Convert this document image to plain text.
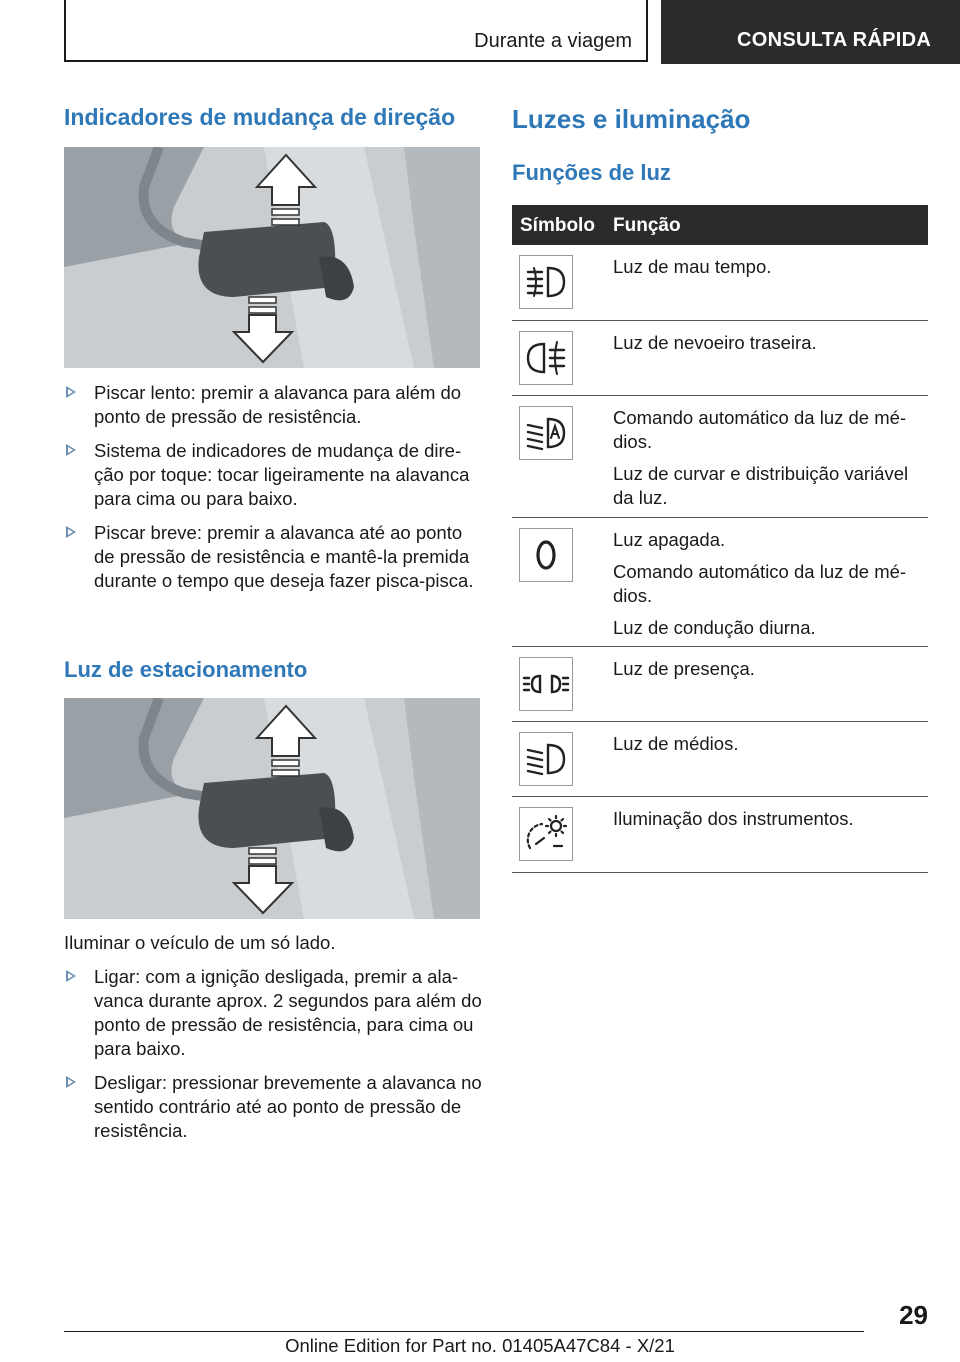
Durante a viagem	CONSULTA RÁPIDA
Indicadores de mudança de direção
Piscar lento: premir a alavanca para além do ponto de pressão de resistência.
Sistema de indicadores de mudança de direção por toque: tocar ligeiramente na alavanca para cima ou para baixo.
Piscar breve: premir a alavanca até ao ponto de pressão de resistência e mantê-la premida durante o tempo que deseja fazer pisca-pisca.
Luz de estacionamento

Iluminar o veículo de um só lado.

Ligar: com a ignição desligada, premir a alavanca durante aprox. 2 segundos para além do ponto de pressão de resistência, para cima ou para baixo.
Desligar: pressionar brevemente a alavanca no sentido contrário até ao ponto de pressão de resistência.
Luzes e iluminação
Funções de luz
Símbolo Função

Luz de mau tempo.

Luz de nevoeiro traseira.

Comando automático da luz de médios.

Luz de curvar e distribuição variável da luz.

Luz apagada.

Comando automático da luz de médios.

Luz de condução diurna.

Luz de presença.

Luz de médios.

Iluminação dos instrumentos.

29
Online Edition for Part no. 01405A47C84 - X/21
